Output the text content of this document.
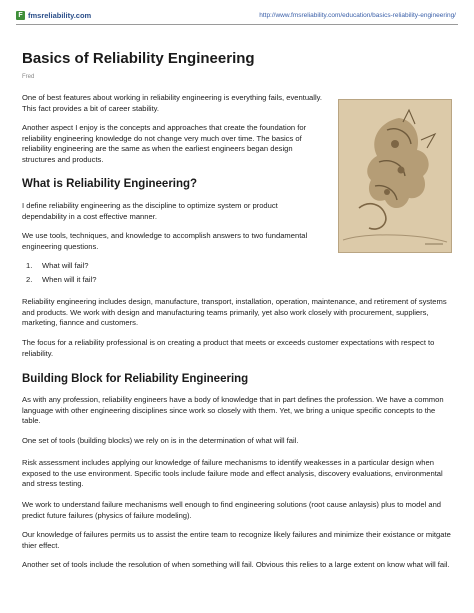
F fmsreliability.com	http://www.fmsreliability.com/education/basics-reliability-engineering/
Basics of Reliability Engineering
Fred

One of best features about working in reliability engineering is everything fails, eventually. This fact provides a bit of career stability.

Another aspect I enjoy is the concepts and approaches that create the foundation for reliability engineering knowledge do not change very much over time. The basics of reliability engineering are the same as when the earliest engineers began design structures and products.

What is Reliability Engineering?

I define reliability engineering as the discipline to optimize system or product dependability in a cost effective manner.

We use tools, techniques, and knowledge to accomplish answers to two fundamental engineering questions.

1.	What will fail?
2.	When will it fail?

Reliability engineering includes design, manufacture, transport, installation, operation, maintenance, and retirement of systems and products. We work with design and manufacturing teams primarily, yet also work closely with procurement, suppliers, marketing, fiannce and customers.

The focus for a reliability professional is on creating a product that meets or exceeds customer expectations with respect to reliability.

Building Block for Reliability Engineering

As with any profession, reliability engineers have a body of knowledge that in part defines the profession. We have a common language with other engineering disciplines since work so closely with them. Yet, we bring a unique specific concepts to the table.

One set of tools (building blocks) we rely on is in the determination of what will fail.

Risk assessment includes applying our knowledge of failure mechanisms to identify weakesses in a particular design when exposed to the use environment. Specific tools include failure mode and effect analysis, discovery evaluations, environmental and stress testing.

We work to understand failure mechanisms well enough to find engineering solutions (root cause anlaysis) plus to model and predict future failures (physics of failure modeling).

Our knowledge of failures permits us to assist the entire team to recognize likely failures and minimize their existance or mitgate thier effect.

Another set of tools include the resolution of when something will fail. Obvious this relies to a large extent on know what will fail.
